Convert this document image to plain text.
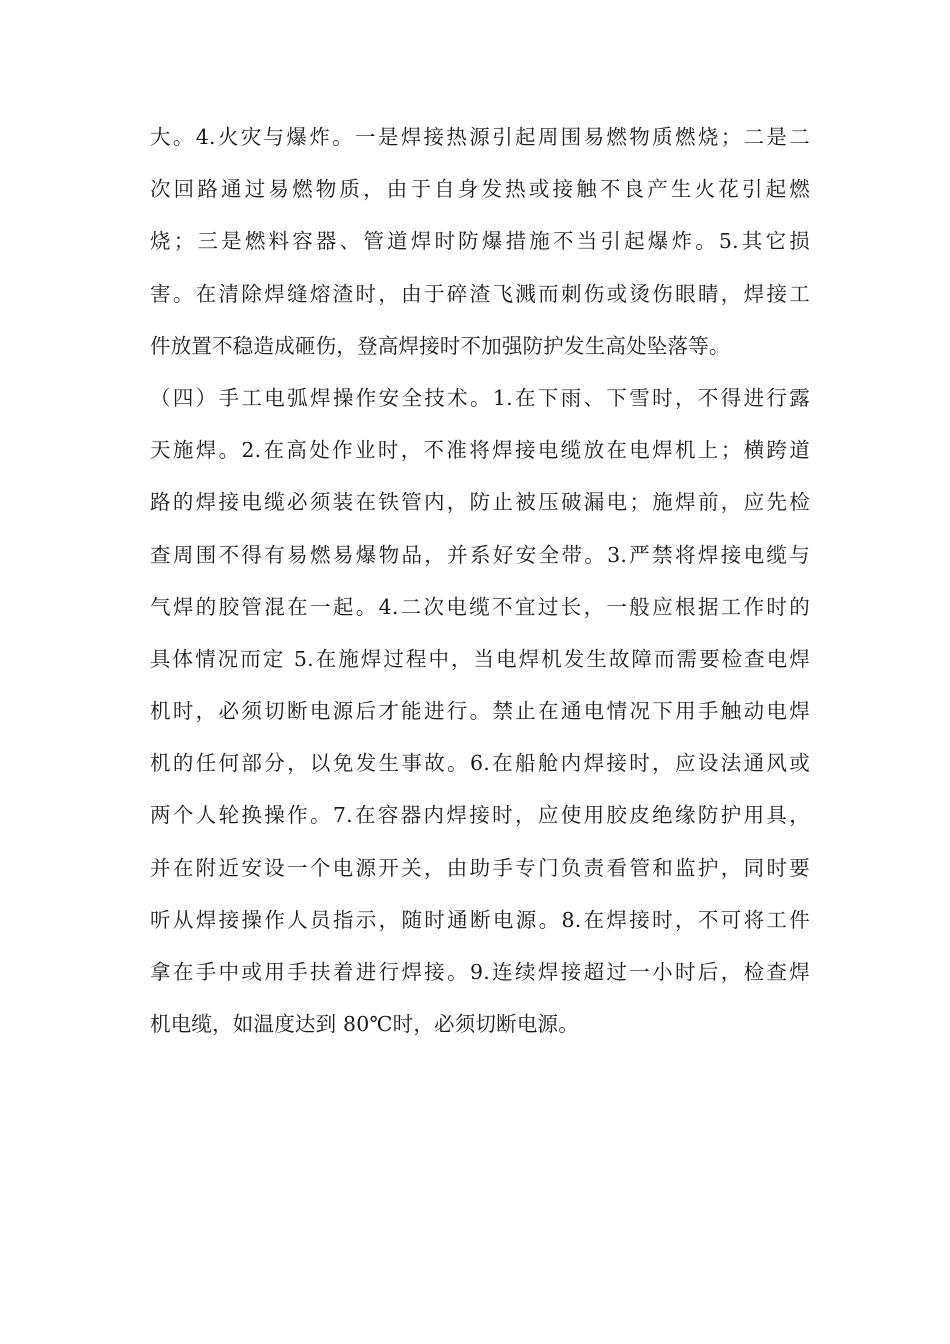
大。4.火灾与爆炸。一是焊接热源引起周围易燃物质燃烧；二是二
次回路通过易燃物质，由于自身发热或接触不良产生火花引起燃
烧；三是燃料容器、管道焊时防爆措施不当引起爆炸。5.其它损
害。在清除焊缝熔渣时，由于碎渣飞溅而刺伤或烫伤眼睛，焊接工
件放置不稳造成砸伤，登高焊接时不加强防护发生高处坠落等。
（四）手工电弧焊操作安全技术。1.在下雨、下雪时，不得进行露
天施焊。2.在高处作业时，不准将焊接电缆放在电焊机上；横跨道
路的焊接电缆必须装在铁管内，防止被压破漏电；施焊前，应先检
查周围不得有易燃易爆物品，并系好安全带。3.严禁将焊接电缆与
气焊的胶管混在一起。4.二次电缆不宜过长，一般应根据工作时的
具体情况而定 5.在施焊过程中，当电焊机发生故障而需要检查电焊
机时，必须切断电源后才能进行。禁止在通电情况下用手触动电焊
机的任何部分，以免发生事故。6.在船舱内焊接时，应设法通风或
两个人轮换操作。7.在容器内焊接时，应使用胶皮绝缘防护用具，
并在附近安设一个电源开关，由助手专门负责看管和监护，同时要
听从焊接操作人员指示，随时通断电源。8.在焊接时，不可将工件
拿在手中或用手扶着进行焊接。9.连续焊接超过一小时后，检查焊
机电缆，如温度达到 80℃时，必须切断电源。
